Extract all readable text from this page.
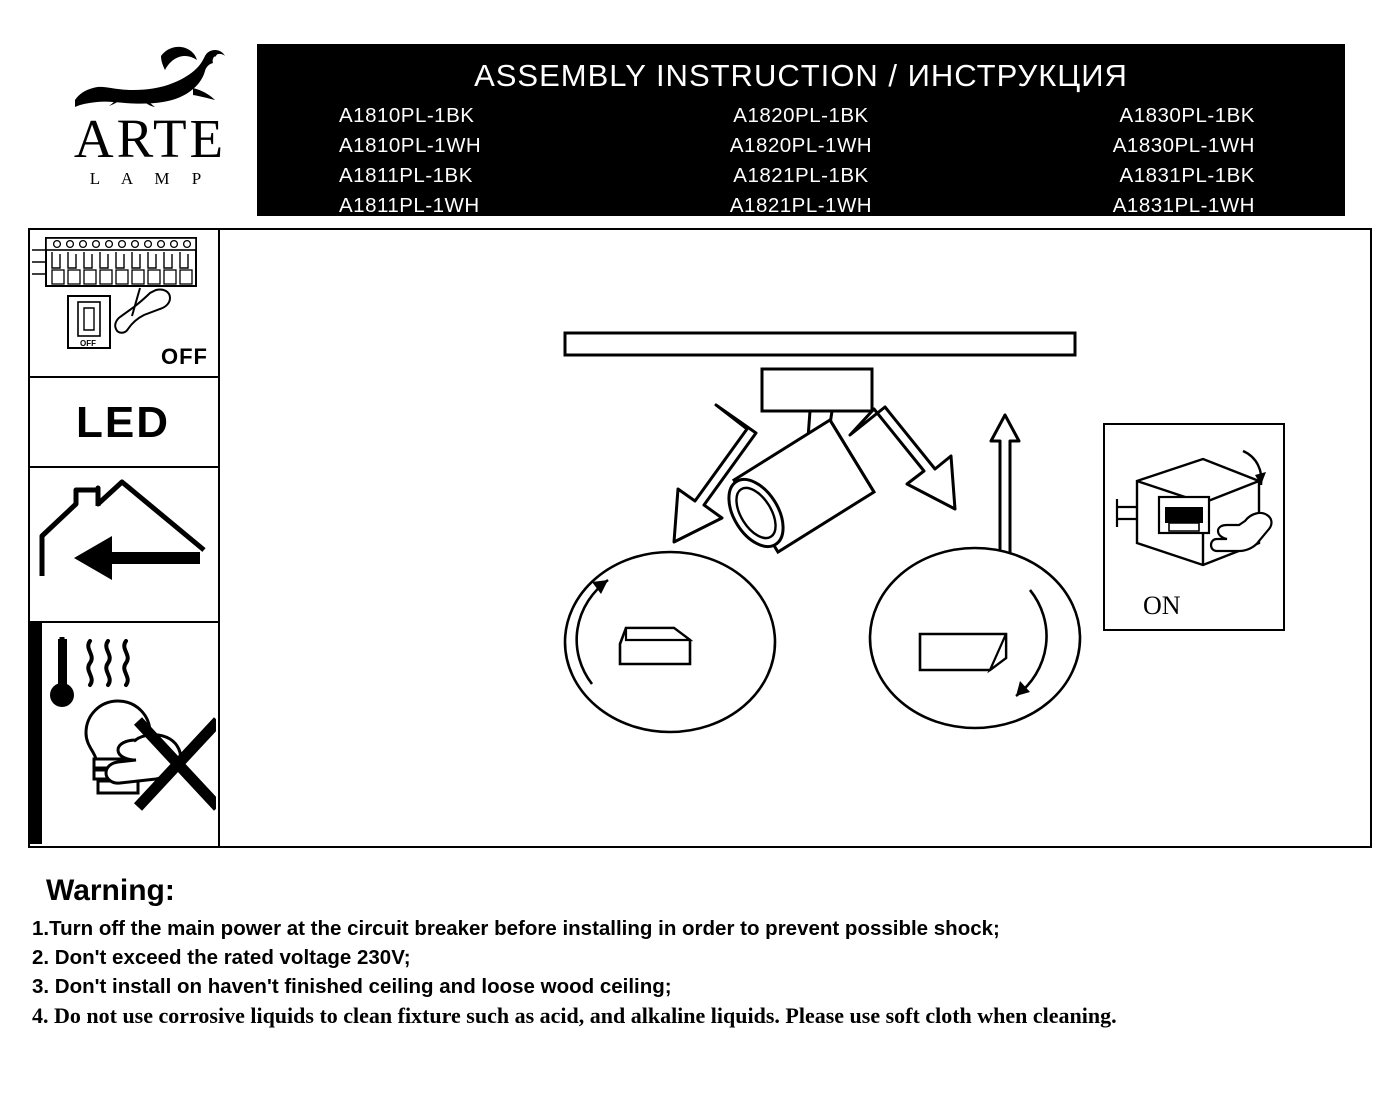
ARTE
L A M P
ASSEMBLY INSTRUCTION / ИНСТРУКЦИЯ
A1810PL-1BK	A1820PL-1BK	A1830PL-1BK
A1810PL-1WH	A1820PL-1WH	A1830PL-1WH
A1811PL-1BK	A1821PL-1BK	A1831PL-1BK
A1811PL-1WH	A1821PL-1WH	A1831PL-1WH
ON
OFF
OFF
LED
Warning:
1.Turn off the main power at the circuit breaker before installing in order to prevent possible shock;
2. Don't exceed the rated voltage 230V;
3. Don't install on haven't finished ceiling and loose wood ceiling;
4. Do not use corrosive liquids to clean fixture such as acid, and alkaline liquids. Please use soft cloth when cleaning.
